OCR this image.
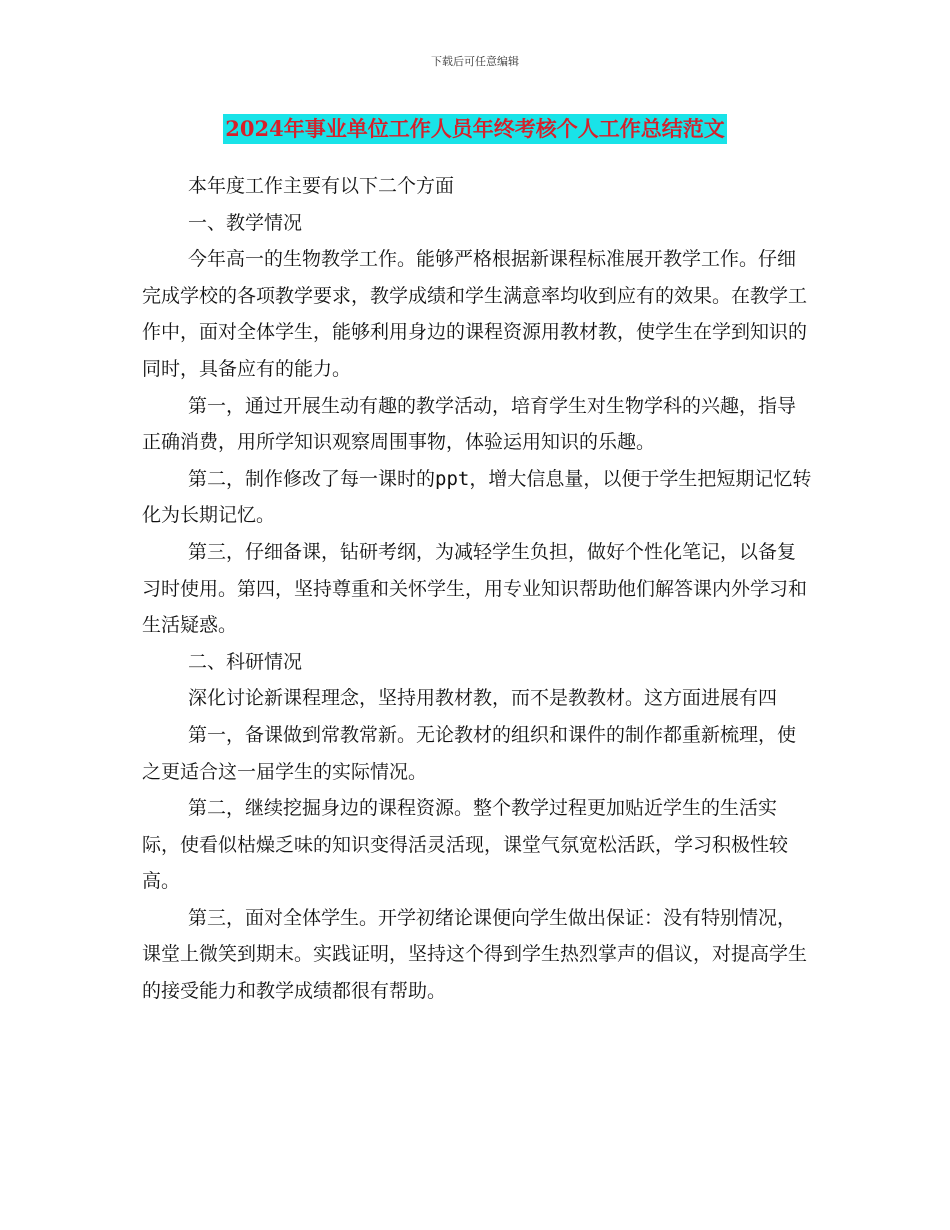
下载后可任意编辑
2024年事业单位工作人员年终考核个人工作总结范文

本年度工作主要有以下二个方面

一、教学情况

今年高一的生物教学工作。能够严格根据新课程标准展开教学工作。仔细完成学校的各项教学要求，教学成绩和学生满意率均收到应有的效果。在教学工作中，面对全体学生，能够利用身边的课程资源用教材教，使学生在学到知识的同时，具备应有的能力。

第一，通过开展生动有趣的教学活动，培育学生对生物学科的兴趣，指导正确消费，用所学知识观察周围事物，体验运用知识的乐趣。

第二，制作修改了每一课时的ppt，增大信息量，以便于学生把短期记忆转化为长期记忆。

第三，仔细备课，钻研考纲，为减轻学生负担，做好个性化笔记，以备复习时使用。第四，坚持尊重和关怀学生，用专业知识帮助他们解答课内外学习和生活疑惑。

二、科研情况

深化讨论新课程理念，坚持用教材教，而不是教教材。这方面进展有四

第一，备课做到常教常新。无论教材的组织和课件的制作都重新梳理，使之更适合这一届学生的实际情况。

第二，继续挖掘身边的课程资源。整个教学过程更加贴近学生的生活实际，使看似枯燥乏味的知识变得活灵活现，课堂气氛宽松活跃，学习积极性较高。

第三，面对全体学生。开学初绪论课便向学生做出保证：没有特别情况，课堂上微笑到期末。实践证明，坚持这个得到学生热烈掌声的倡议，对提高学生的接受能力和教学成绩都很有帮助。
